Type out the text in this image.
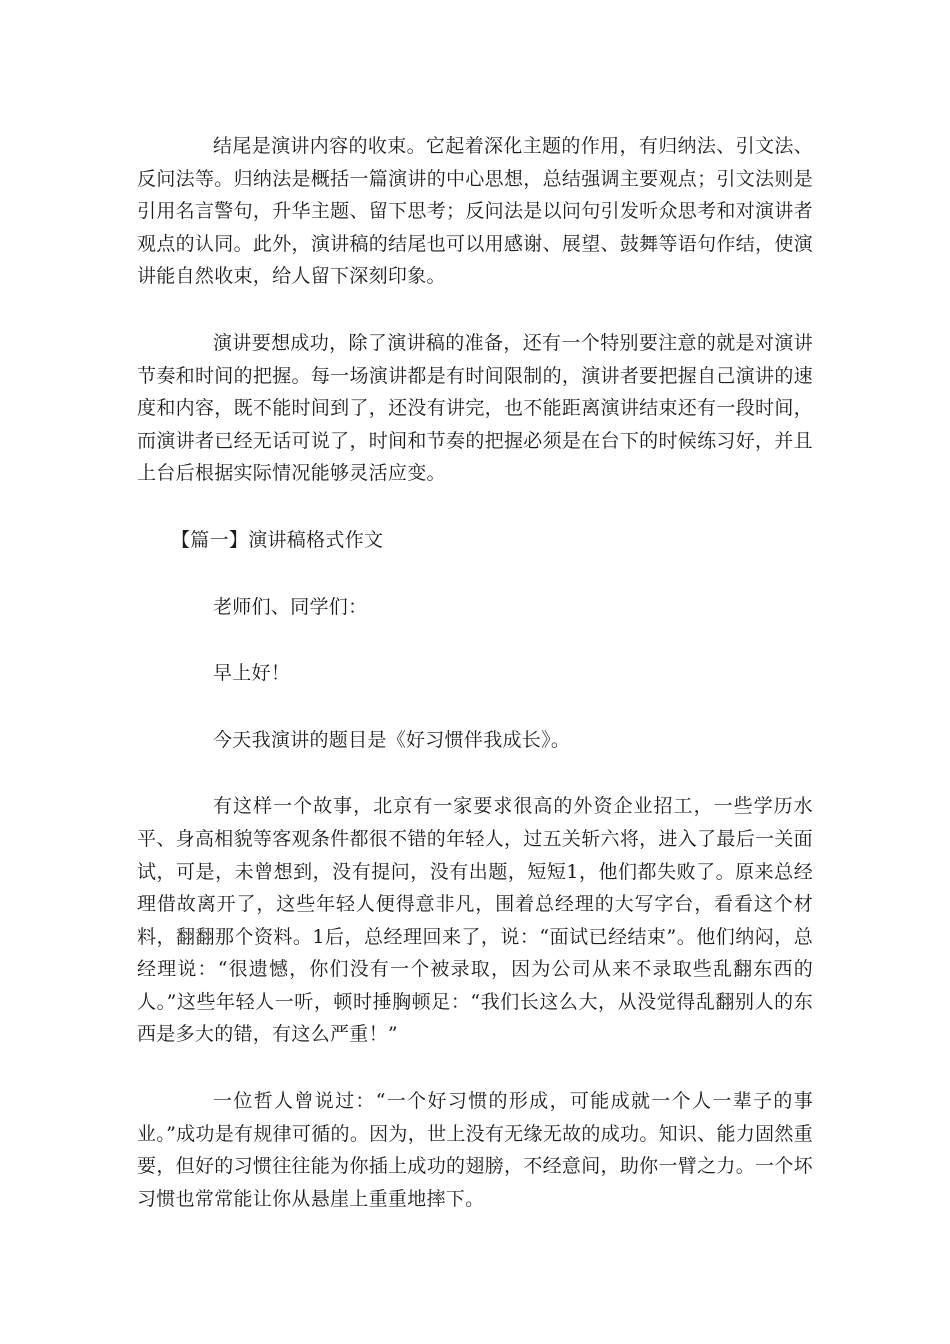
结尾是演讲内容的收束。它起着深化主题的作用，有归纳法、引文法、反问法等。归纳法是概括一篇演讲的中心思想，总结强调主要观点；引文法则是引用名言警句，升华主题、留下思考；反问法是以问句引发听众思考和对演讲者观点的认同。此外，演讲稿的结尾也可以用感谢、展望、鼓舞等语句作结，使演讲能自然收束，给人留下深刻印象。

演讲要想成功，除了演讲稿的准备，还有一个特别要注意的就是对演讲节奏和时间的把握。每一场演讲都是有时间限制的，演讲者要把握自己演讲的速度和内容，既不能时间到了，还没有讲完，也不能距离演讲结束还有一段时间，而演讲者已经无话可说了，时间和节奏的把握必须是在台下的时候练习好，并且上台后根据实际情况能够灵活应变。

【篇一】演讲稿格式作文

老师们、同学们：

早上好！

今天我演讲的题目是《好习惯伴我成长》。

有这样一个故事，北京有一家要求很高的外资企业招工，一些学历水平、身高相貌等客观条件都很不错的年轻人，过五关斩六将，进入了最后一关面试，可是，未曾想到，没有提问，没有出题，短短1，他们都失败了。原来总经理借故离开了，这些年轻人便得意非凡，围着总经理的大写字台，看看这个材料，翻翻那个资料。1后，总经理回来了，说：“面试已经结束”。他们纳闷，总经理说：“很遗憾，你们没有一个被录取，因为公司从来不录取些乱翻东西的人。”这些年轻人一听，顿时捶胸顿足：“我们长这么大，从没觉得乱翻别人的东西是多大的错，有这么严重！”

一位哲人曾说过：“一个好习惯的形成，可能成就一个人一辈子的事业。”成功是有规律可循的。因为，世上没有无缘无故的成功。知识、能力固然重要，但好的习惯往往能为你插上成功的翅膀，不经意间，助你一臂之力。一个坏习惯也常常能让你从悬崖上重重地摔下。
